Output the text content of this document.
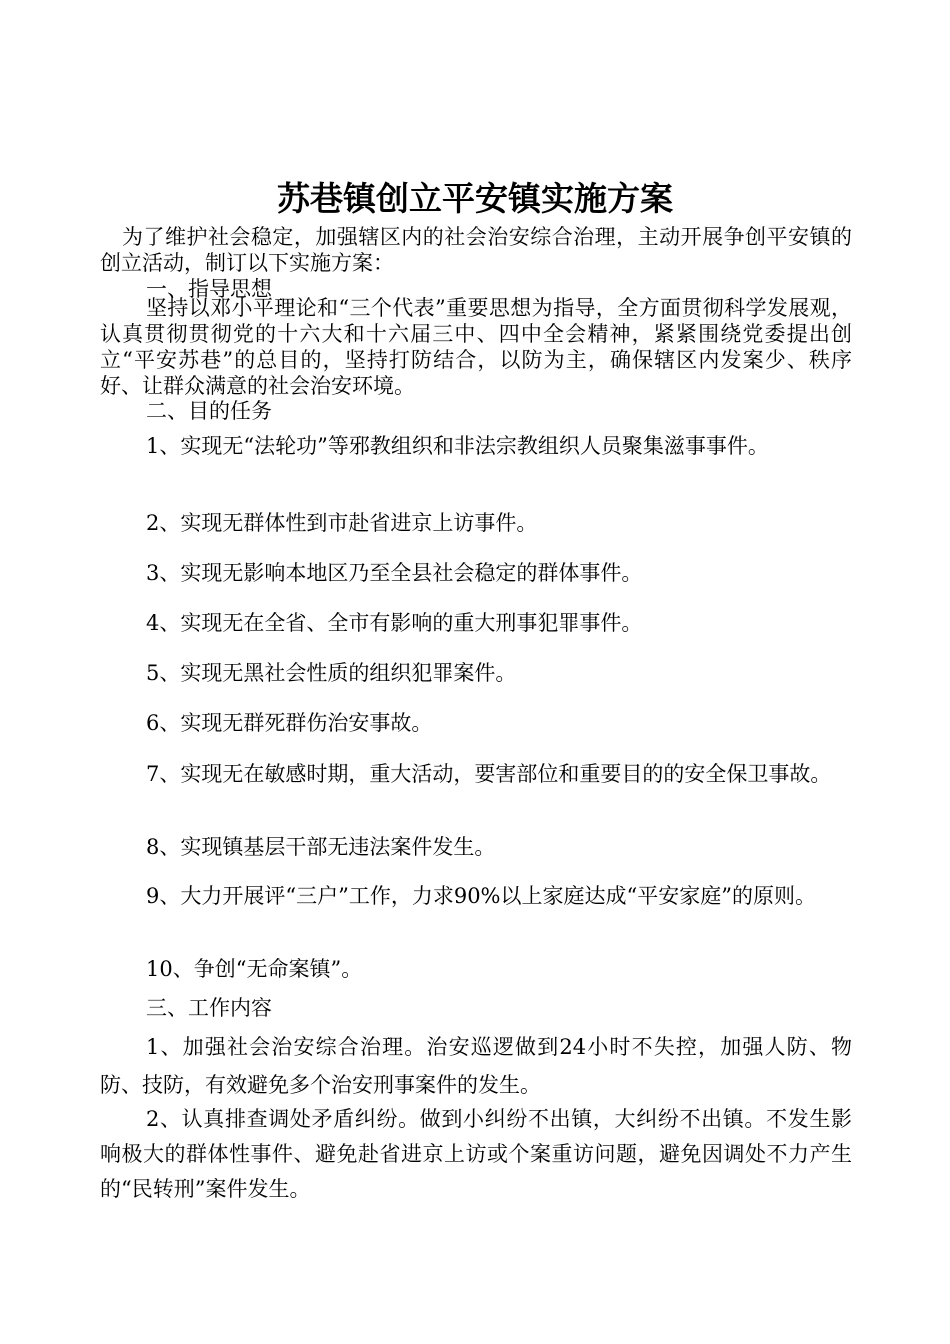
苏巷镇创立平安镇实施方案

为了维护社会稳定，加强辖区内的社会治安综合治理，主动开展争创平安镇的创立活动，制订以下实施方案：

一、指导思想

坚持以邓小平理论和“三个代表”重要思想为指导，全方面贯彻科学发展观，认真贯彻贯彻党的十六大和十六届三中、四中全会精神，紧紧围绕党委提出创立“平安苏巷”的总目的，坚持打防结合，以防为主，确保辖区内发案少、秩序好、让群众满意的社会治安环境。

二、目的任务

1、实现无“法轮功”等邪教组织和非法宗教组织人员聚集滋事事件。

2、实现无群体性到市赴省进京上访事件。

3、实现无影响本地区乃至全县社会稳定的群体事件。

4、实现无在全省、全市有影响的重大刑事犯罪事件。

5、实现无黑社会性质的组织犯罪案件。

6、实现无群死群伤治安事故。

7、实现无在敏感时期，重大活动，要害部位和重要目的的安全保卫事故。

8、实现镇基层干部无违法案件发生。

9、大力开展评“三户”工作，力求90%以上家庭达成“平安家庭”的原则。

10、争创“无命案镇”。

三、工作内容

1、加强社会治安综合治理。治安巡逻做到24小时不失控，加强人防、物防、技防，有效避免多个治安刑事案件的发生。

2、认真排查调处矛盾纠纷。做到小纠纷不出镇，大纠纷不出镇。不发生影响极大的群体性事件、避免赴省进京上访或个案重访问题，避免因调处不力产生的“民转刑”案件发生。
